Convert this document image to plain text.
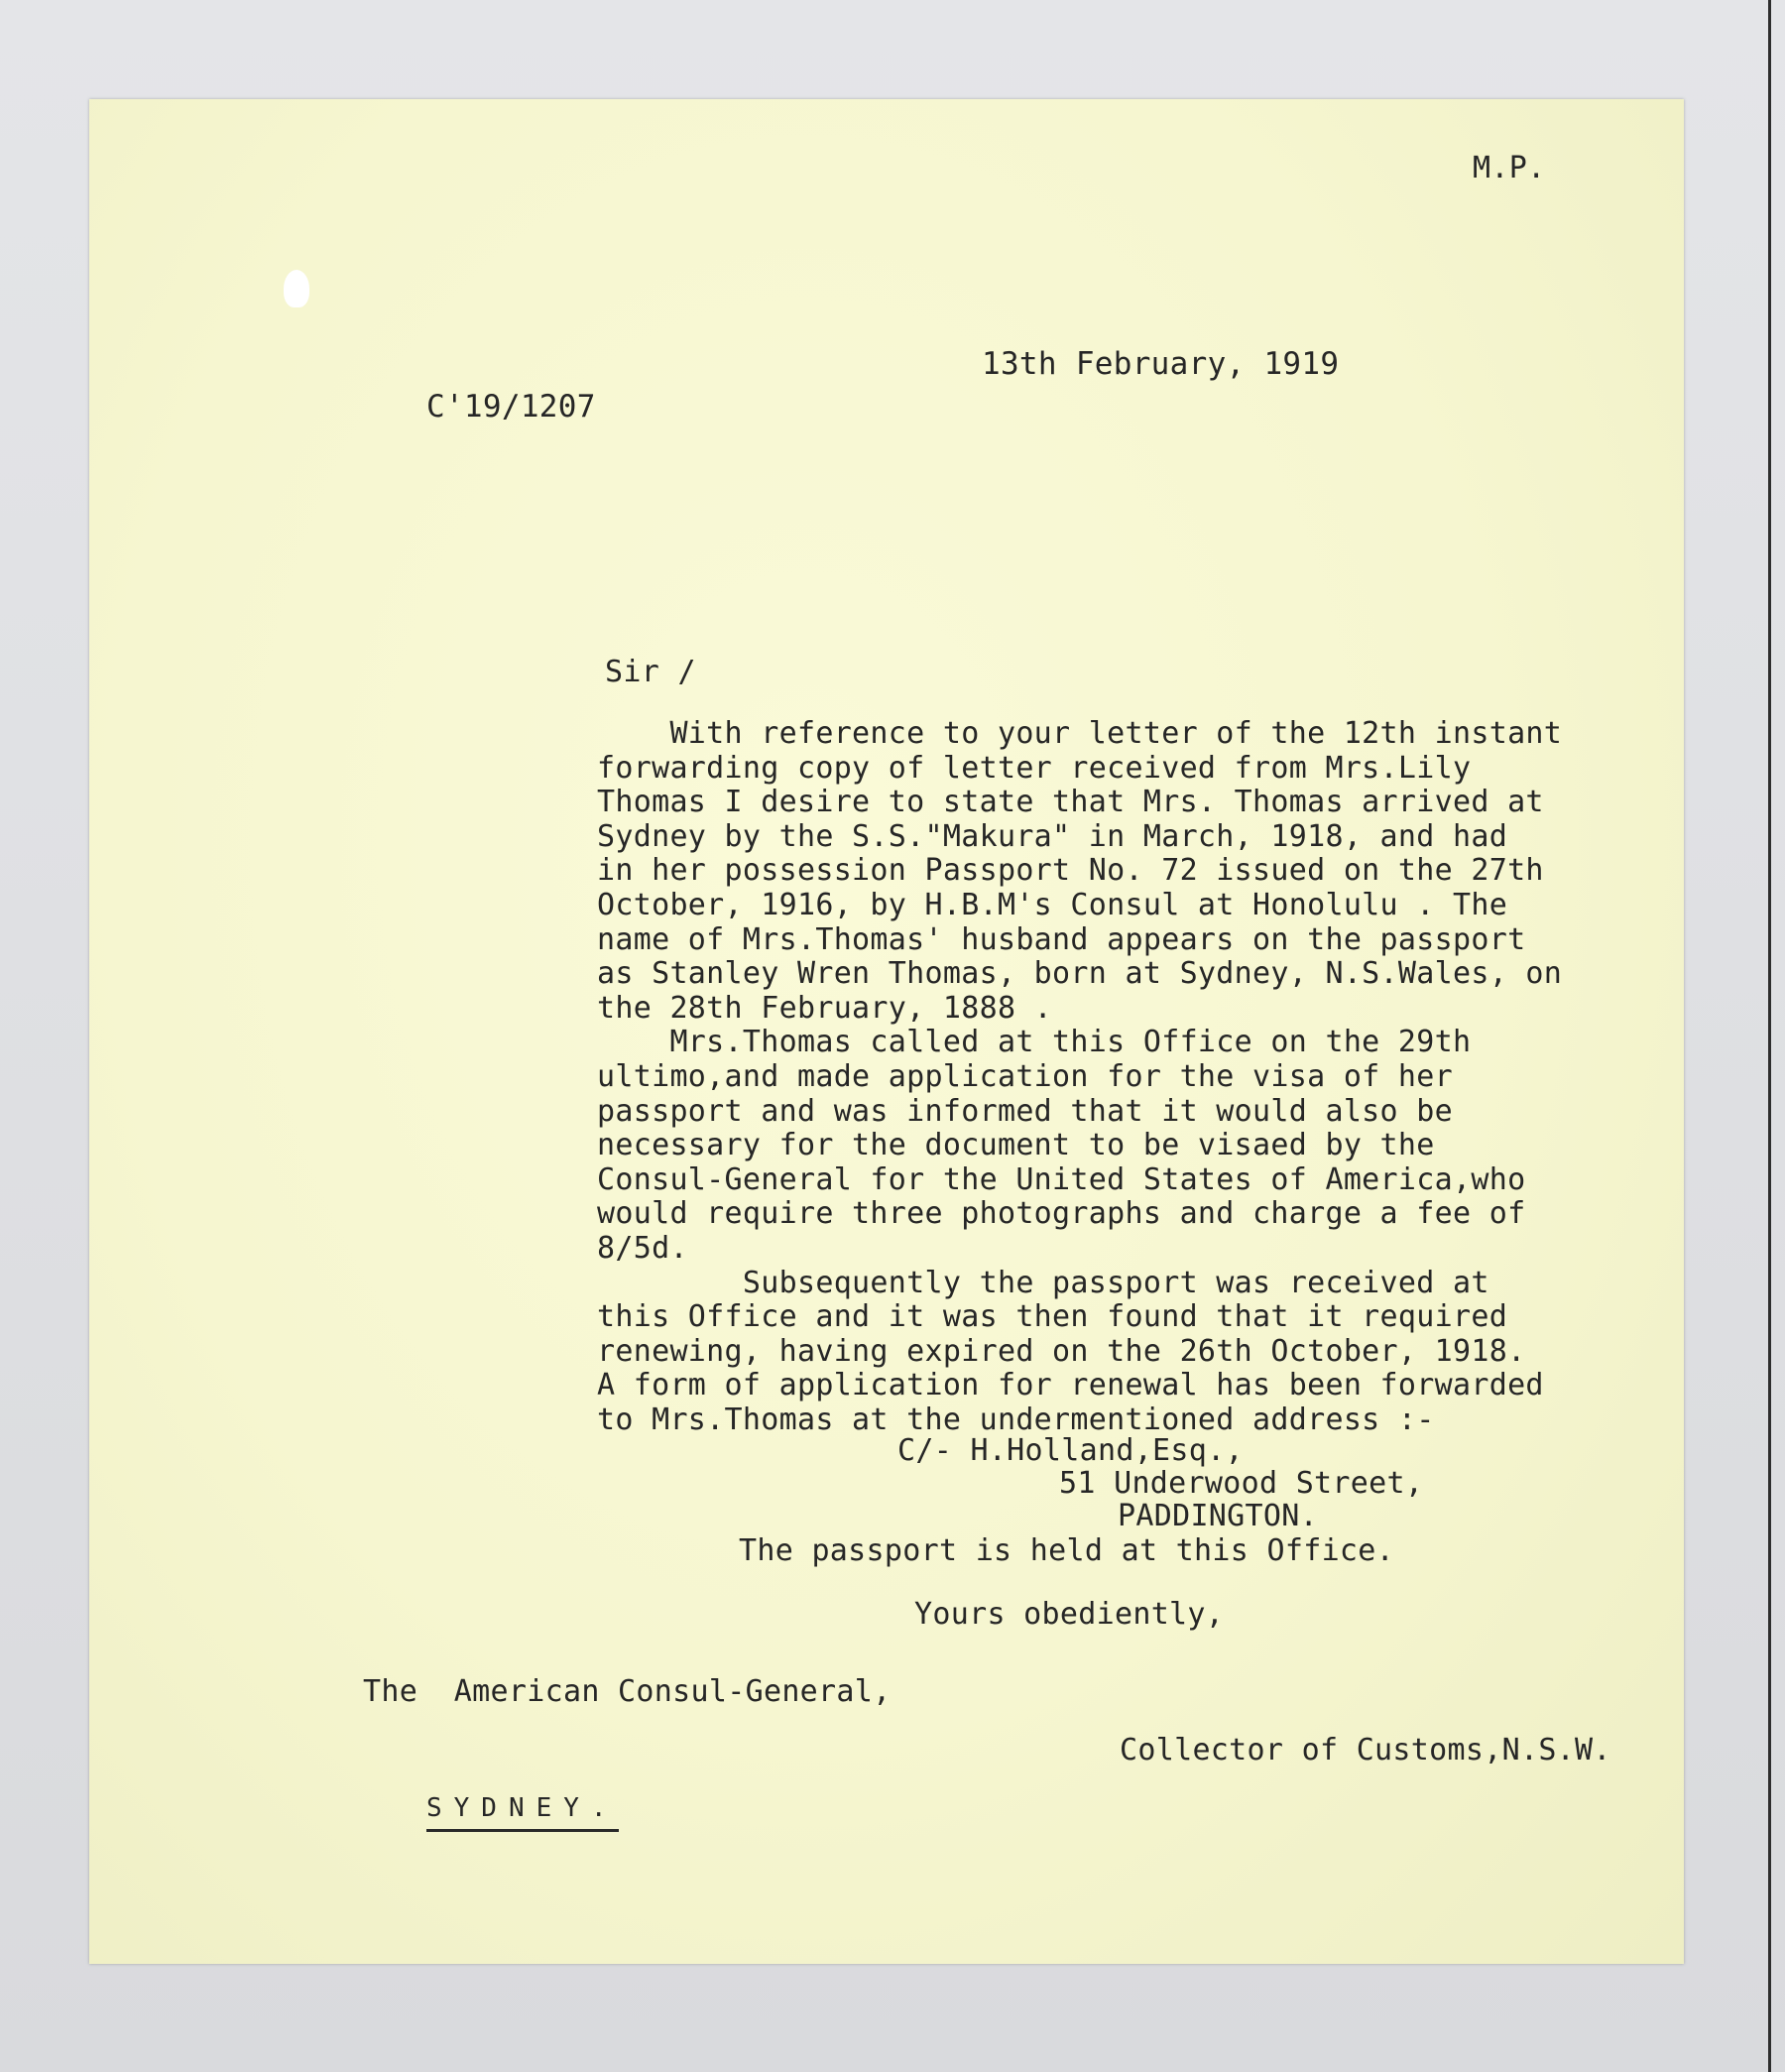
M.P.

13th February, 1919

C'19/1207

Sir /

With reference to your letter of the 12th instant
forwarding copy of letter received from Mrs.Lily
Thomas I desire to state that Mrs. Thomas arrived at
Sydney by the S.S."Makura" in March, 1918, and had
in her possession Passport No. 72 issued on the 27th
October, 1916, by H.B.M's Consul at Honolulu . The
name of Mrs.Thomas' husband appears on the passport
as Stanley Wren Thomas, born at Sydney, N.S.Wales, on
the 28th February, 1888 .
Mrs.Thomas called at this Office on the 29th
ultimo,and made application for the visa of her
passport and was informed that it would also be
necessary for the document to be visaed by the
Consul-General for the United States of America,who
would require three photographs and charge a fee of
8/5d.
Subsequently the passport was received at
this Office and it was then found that it required
renewing, having expired on the 26th October, 1918.
A form of application for renewal has been forwarded
to Mrs.Thomas at the undermentioned address :-

C/- H.Holland,Esq.,

51 Underwood Street,

PADDINGTON.

The passport is held at this Office.

Yours obediently,

The  American Consul-General,

Collector of Customs,N.S.W.

SYDNEY.
